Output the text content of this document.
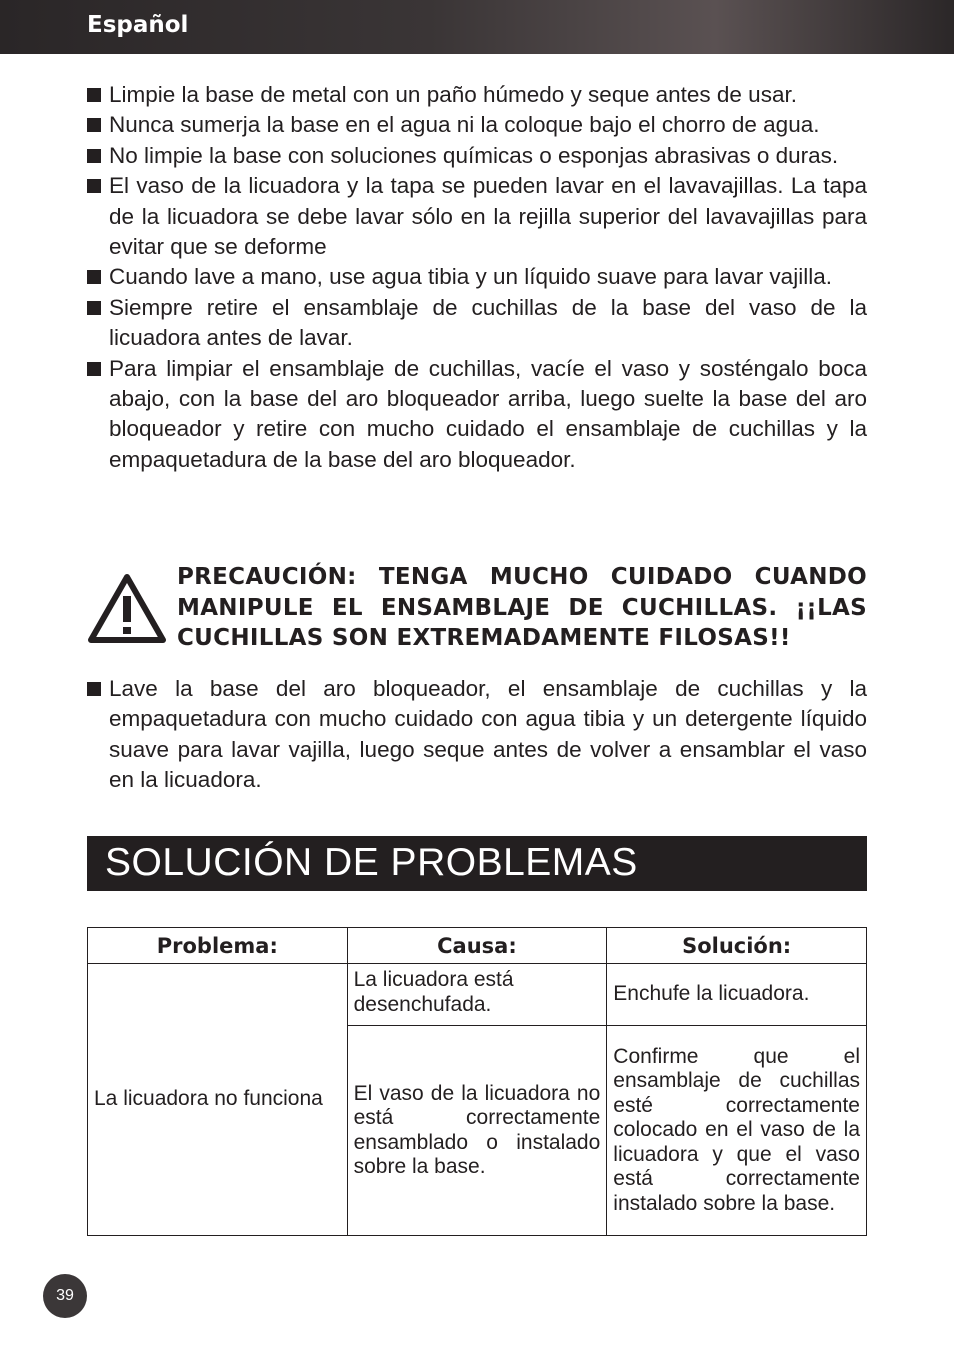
Español
Limpie la base de metal con un paño húmedo y seque antes de usar.
Nunca sumerja la base en el agua ni la coloque bajo el chorro de agua.
No limpie la base con soluciones químicas o esponjas abrasivas o duras.
El vaso de la licuadora y la tapa se pueden lavar en el lavavajillas. La tapa de la licuadora se debe lavar sólo en la rejilla superior del lavavajillas para evitar que se deforme
Cuando lave a mano, use agua tibia y un líquido suave para lavar vajilla.
Siempre retire el ensamblaje de cuchillas de la base del vaso de la licuadora antes de lavar.
Para limpiar el ensamblaje de cuchillas, vacíe el vaso y sosténgalo boca abajo, con la base del aro bloqueador arriba, luego suelte la base del aro bloqueador y retire con mucho cuidado el ensamblaje de cuchillas y la empaquetadura de la base del aro bloqueador.
PRECAUCIÓN: TENGA MUCHO CUIDADO CUANDO MANIPULE EL ENSAMBLAJE DE CUCHILLAS. ¡¡LAS CUCHILLAS SON EXTREMADAMENTE FILOSAS!!
Lave la base del aro bloqueador, el ensamblaje de cuchillas y la empaquetadura con mucho cuidado con agua tibia y un detergente líquido suave para lavar vajilla, luego seque antes de volver a ensamblar el vaso en la licuadora.
SOLUCIÓN DE PROBLEMAS
Problema:	Causa:	Solución:
La licuadora no funciona	La licuadora está desenchufada.	Enchufe la licuadora.
	El vaso de la licuadora no está correctamente ensamblado o instalado sobre la base.	Confirme que el ensamblaje de cuchillas esté correctamente colocado en el vaso de la licuadora y que el vaso está correctamente instalado sobre la base.
39
